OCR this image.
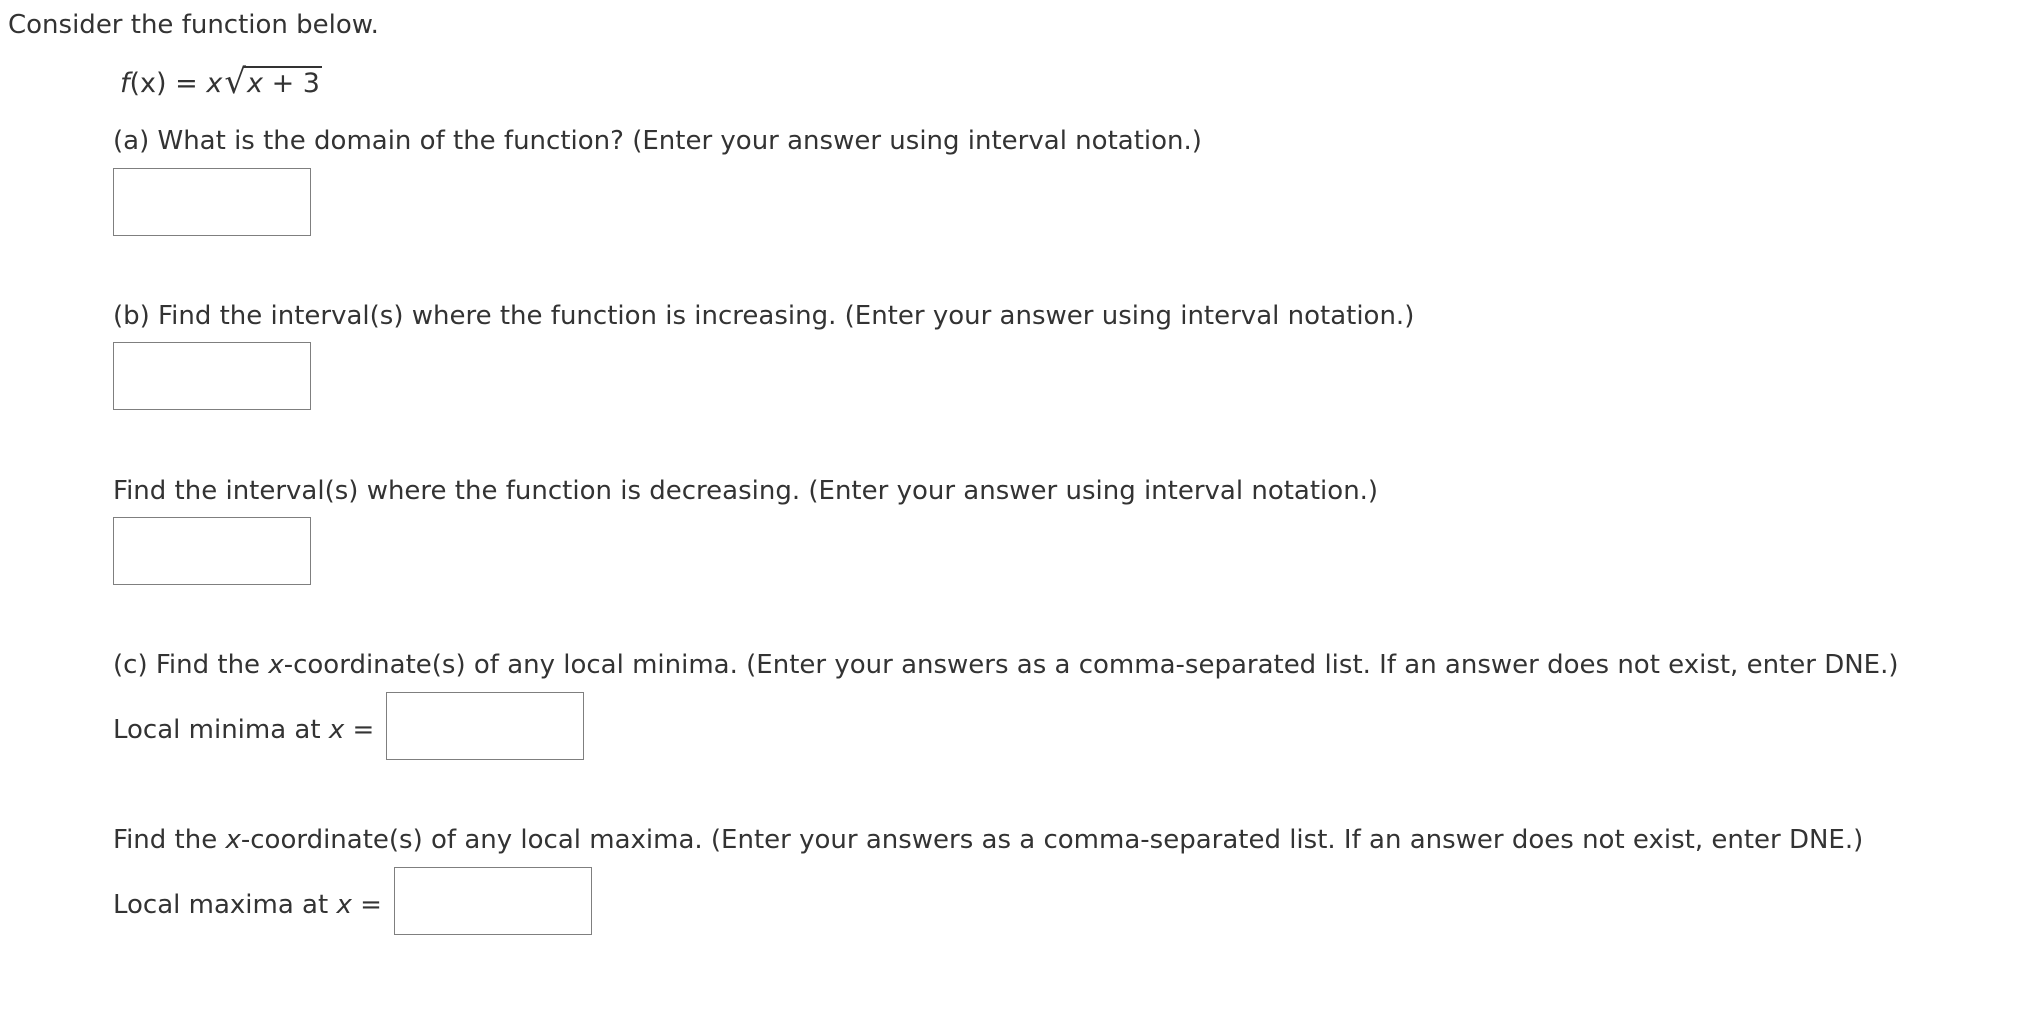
Consider the function below.
f(x) = x√x + 3
(a) What is the domain of the function? (Enter your answer using interval notation.)
(b) Find the interval(s) where the function is increasing. (Enter your answer using interval notation.)
Find the interval(s) where the function is decreasing. (Enter your answer using interval notation.)
(c) Find the x-coordinate(s) of any local minima. (Enter your answers as a comma-separated list. If an answer does not exist, enter DNE.)
Local minima at x =
Find the x-coordinate(s) of any local maxima. (Enter your answers as a comma-separated list. If an answer does not exist, enter DNE.)
Local maxima at x =
